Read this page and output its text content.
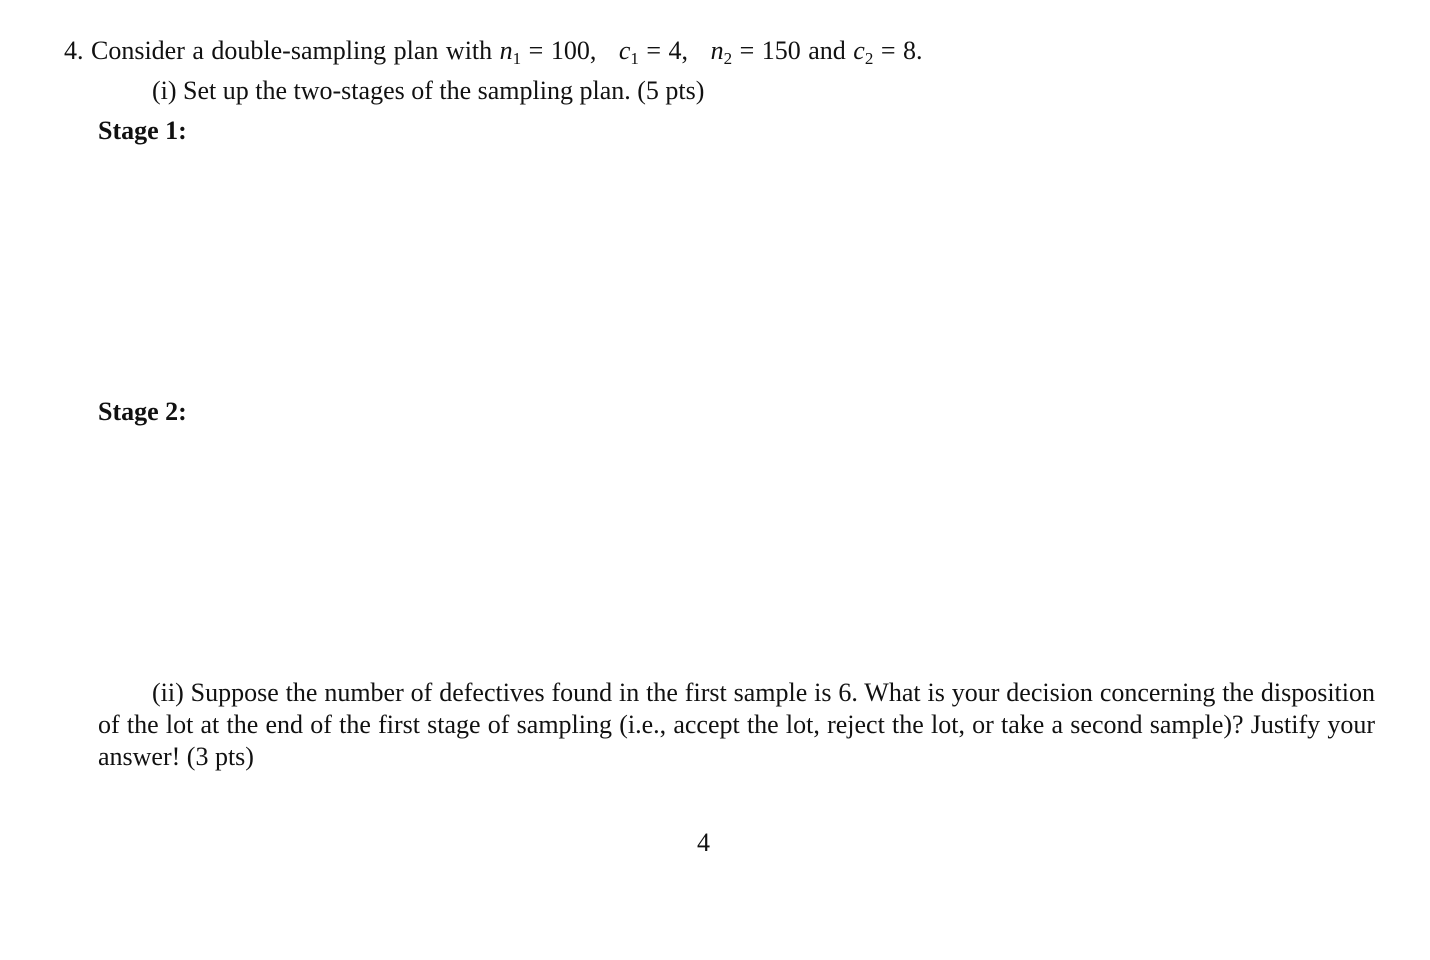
4. Consider a double-sampling plan with $n_1 = 100$, $c_1 = 4$, $n_2 = 150$ and $c_2 = 8$.
(i) Set up the two-stages of the sampling plan. (5 pts)
Stage 1:
Stage 2:
(ii) Suppose the number of defectives found in the first sample is 6. What is your decision concerning the disposition of the lot at the end of the first stage of sampling (i.e., accept the lot, reject the lot, or take a second sample)? Justify your answer! (3 pts)
4
